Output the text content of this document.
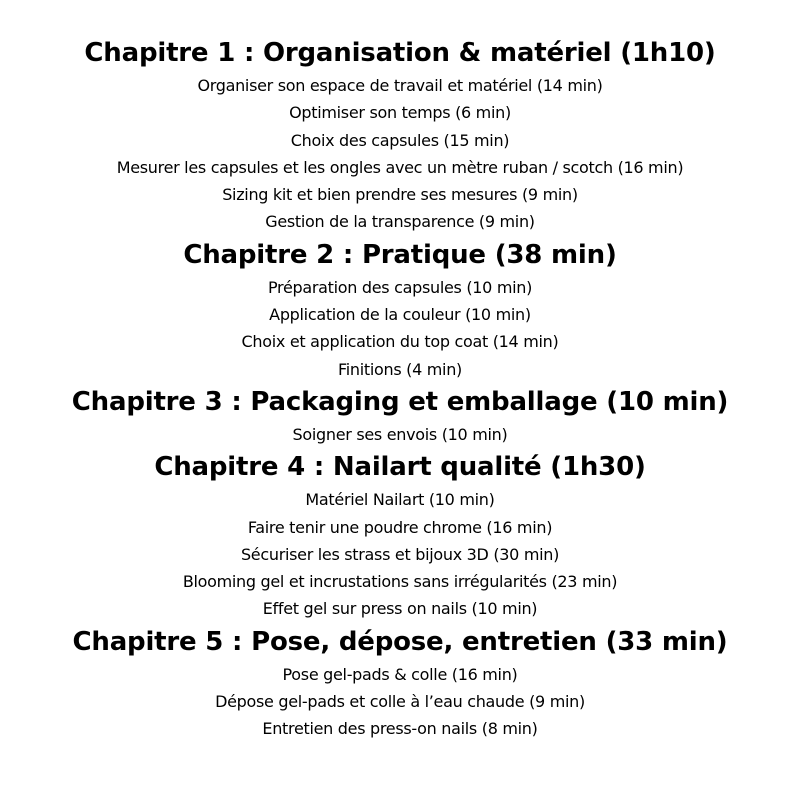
Chapitre 1 : Organisation & matériel (1h10)
Organiser son espace de travail et matériel (14 min)
Optimiser son temps (6 min)
Choix des capsules (15 min)
Mesurer les capsules et les ongles avec un mètre ruban / scotch (16 min)
Sizing kit et bien prendre ses mesures (9 min)
Gestion de la transparence (9 min)
Chapitre 2 : Pratique (38 min)
Préparation des capsules (10 min)
Application de la couleur (10 min)
Choix et application du top coat (14 min)
Finitions (4 min)
Chapitre 3 : Packaging et emballage (10 min)
Soigner ses envois (10 min)
Chapitre 4 : Nailart qualité (1h30)
Matériel Nailart (10 min)
Faire tenir une poudre chrome (16 min)
Sécuriser les strass et bijoux 3D (30 min)
Blooming gel et incrustations sans irrégularités (23 min)
Effet gel sur press on nails (10 min)
Chapitre 5 : Pose, dépose, entretien (33 min)
Pose gel-pads & colle (16 min)
Dépose gel-pads et colle à l’eau chaude (9 min)
Entretien des press-on nails (8 min)
